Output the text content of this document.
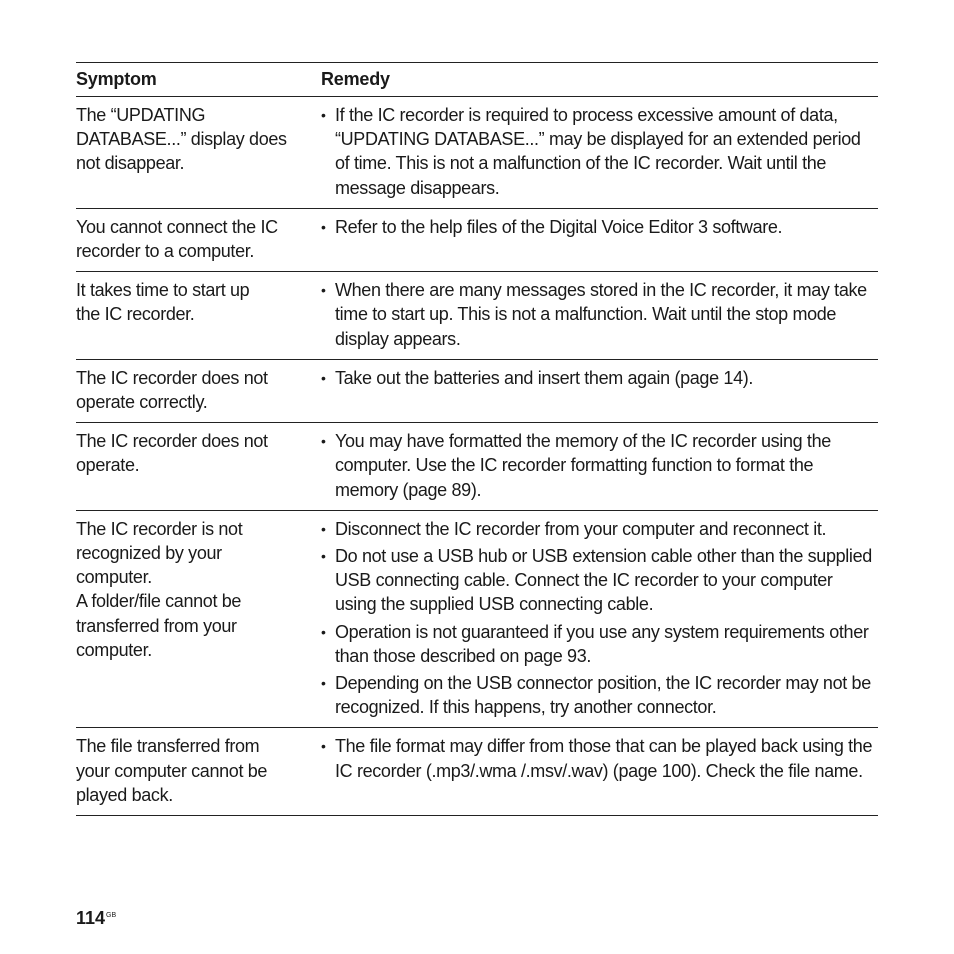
Symptom	Remedy
The “UPDATING
DATABASE...” display does
not disappear.
• If the IC recorder is required to process excessive amount of data, “UPDATING DATABASE...” may be displayed for an extended period of time. This is not a malfunction of the IC recorder. Wait until the message disappears.
You cannot connect the IC
recorder to a computer.
• Refer to the help files of the Digital Voice Editor 3 software.
It takes time to start up
the IC recorder.
• When there are many messages stored in the IC recorder, it may take time to start up. This is not a malfunction. Wait until the stop mode display appears.
The IC recorder does not
operate correctly.
• Take out the batteries and insert them again (page 14).
The IC recorder does not
operate.
• You may have formatted the memory of the IC recorder using the computer. Use the IC recorder formatting function to format the memory (page 89).
The IC recorder is not
recognized by your
computer.
A folder/file cannot be
transferred from your
computer.
• Disconnect the IC recorder from your computer and reconnect it.
• Do not use a USB hub or USB extension cable other than the supplied USB connecting cable. Connect the IC recorder to your computer using the supplied USB connecting cable.
• Operation is not guaranteed if you use any system requirements other than those described on page 93.
• Depending on the USB connector position, the IC recorder may not be recognized. If this happens, try another connector.
The file transferred from
your computer cannot be
played back.
• The file format may differ from those that can be played back using the IC recorder (.mp3/.wma /.msv/.wav) (page 100). Check the file name.
$114^{GB}$
